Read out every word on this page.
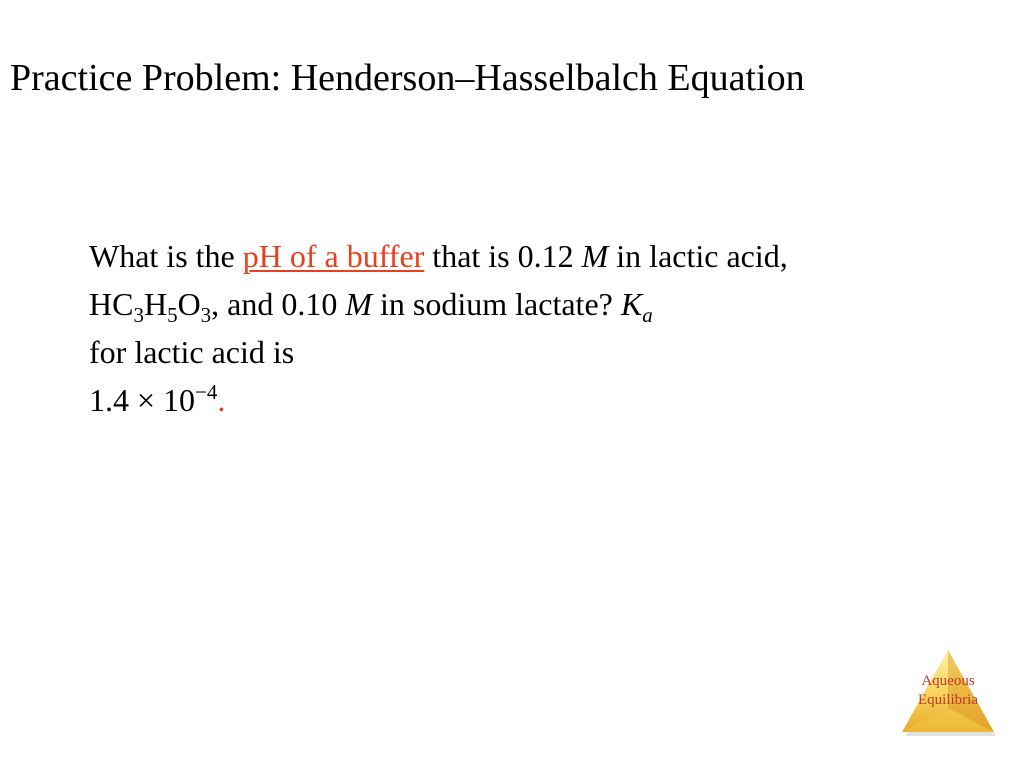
Practice Problem: Henderson–Hasselbalch Equation

What is the pH of a buffer that is 0.12 M in lactic acid, $HC_3H_5O_3$, and 0.10 M in sodium lactate? $K_a$
for lactic acid is
$1.4 \times 10^{-4}$.

Aqueous
Equilibria
